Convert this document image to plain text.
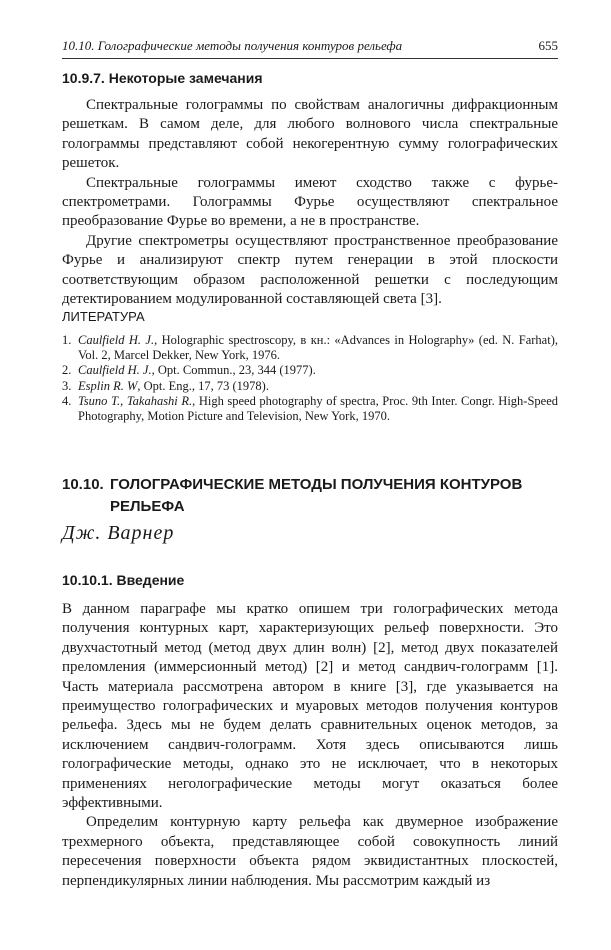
10.10. Голографические методы получения контуров рельефа	655
10.9.7. Некоторые замечания

Спектральные голограммы по свойствам аналогичны дифракционным решеткам. В самом деле, для любого волнового числа спектральные голограммы представляют собой некогерентную сумму голографических решеток.

Спектральные голограммы имеют сходство также с фурье-спектрометрами. Голограммы Фурье осуществляют спектральное преобразование Фурье во времени, а не в пространстве.

Другие спектрометры осуществляют пространственное преобразование Фурье и анализируют спектр путем генерации в этой плоскости соответствующим образом расположенной решетки с последующим детектированием модулированной составляющей света [3].

ЛИТЕРАТУРА
1. Caulfield H. J., Holographic spectroscopy, в кн.: «Advances in Holography» (ed. N. Farhat), Vol. 2, Marcel Dekker, New York, 1976.
2. Caulfield H. J., Opt. Commun., 23, 344 (1977).
3. Esplin R. W, Opt. Eng., 17, 73 (1978).
4. Tsuno T., Takahashi R., High speed photography of spectra, Proc. 9th Inter. Congr. High-Speed Photography, Motion Picture and Television, New York, 1970.
10.10. ГОЛОГРАФИЧЕСКИЕ МЕТОДЫ ПОЛУЧЕНИЯ КОНТУРОВ РЕЛЬЕФА
Дж. Варнер
10.10.1. Введение

В данном параграфе мы кратко опишем три голографических метода получения контурных карт, характеризующих рельеф поверхности. Это двухчастотный метод (метод двух длин волн) [2], метод двух показателей преломления (иммерсионный метод) [2] и метод сандвич-голограмм [1]. Часть материала рассмотрена автором в книге [3], где указывается на преимущество голографических и муаровых методов получения контуров рельефа. Здесь мы не будем делать сравнительных оценок методов, за исключением сандвич-голограмм. Хотя здесь описываются лишь голографические методы, однако это не исключает, что в некоторых применениях неголографические методы могут оказаться более эффективными.

Определим контурную карту рельефа как двумерное изображение трехмерного объекта, представляющее собой совокупность линий пересечения поверхности объекта рядом эквидистантных плоскостей, перпендикулярных линии наблюдения. Мы рассмотрим каждый из
